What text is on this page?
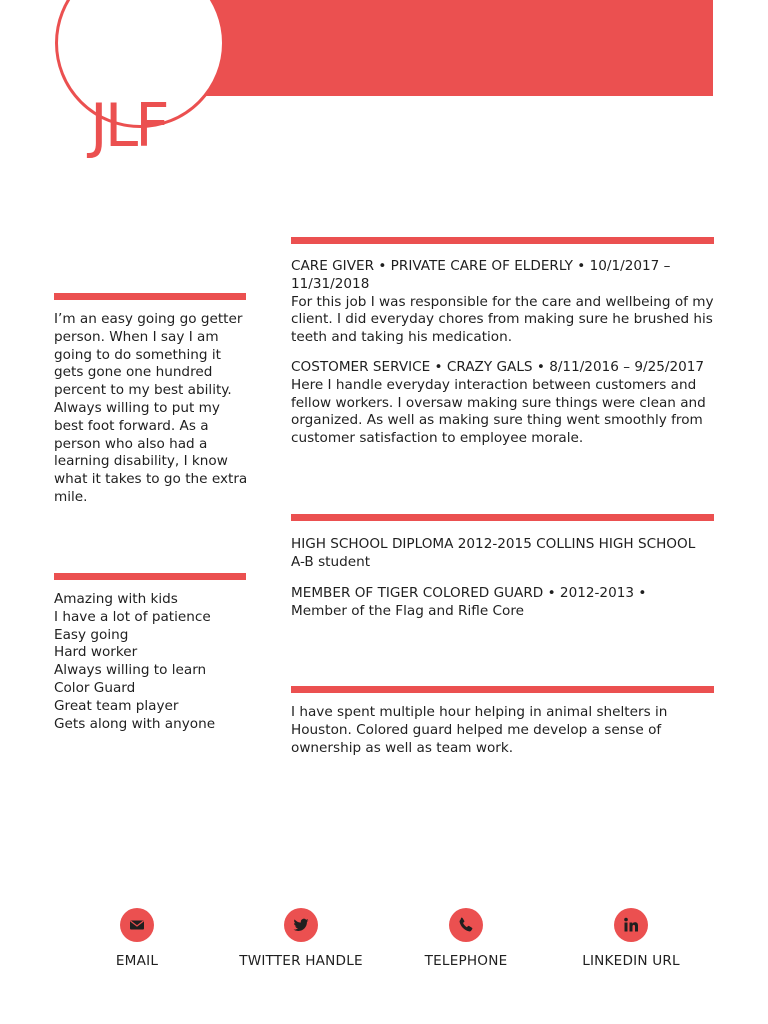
JLF
I’m an easy going go getter person. When I say I am going to do something it gets gone one hundred percent to my best ability. Always willing to put my best foot forward. As a person who also had a learning disability, I know what it takes to go the extra mile.
Amazing with kids
I have a lot of patience
Easy going
Hard worker
Always willing to learn
Color Guard
Great team player
Gets along with anyone

CARE GIVER • PRIVATE CARE OF ELDERLY • 10/1/2017 – 11/31/2018

For this job I was responsible for the care and wellbeing of my client. I did everyday chores from making sure he brushed his teeth and taking his medication.

COSTOMER SERVICE • CRAZY GALS • 8/11/2016 – 9/25/2017

Here I handle everyday interaction between customers and fellow workers. I oversaw making sure things were clean and organized. As well as making sure thing went smoothly from customer satisfaction to employee morale.

HIGH SCHOOL DIPLOMA 2012-2015 COLLINS HIGH SCHOOL

A-B student

MEMBER OF TIGER COLORED GUARD • 2012-2013 •

Member of the Flag and Rifle Core

I have spent multiple hour helping in animal shelters in Houston. Colored guard helped me develop a sense of ownership as well as team work.
EMAIL	TWITTER HANDLE	TELEPHONE	LINKEDIN URL
